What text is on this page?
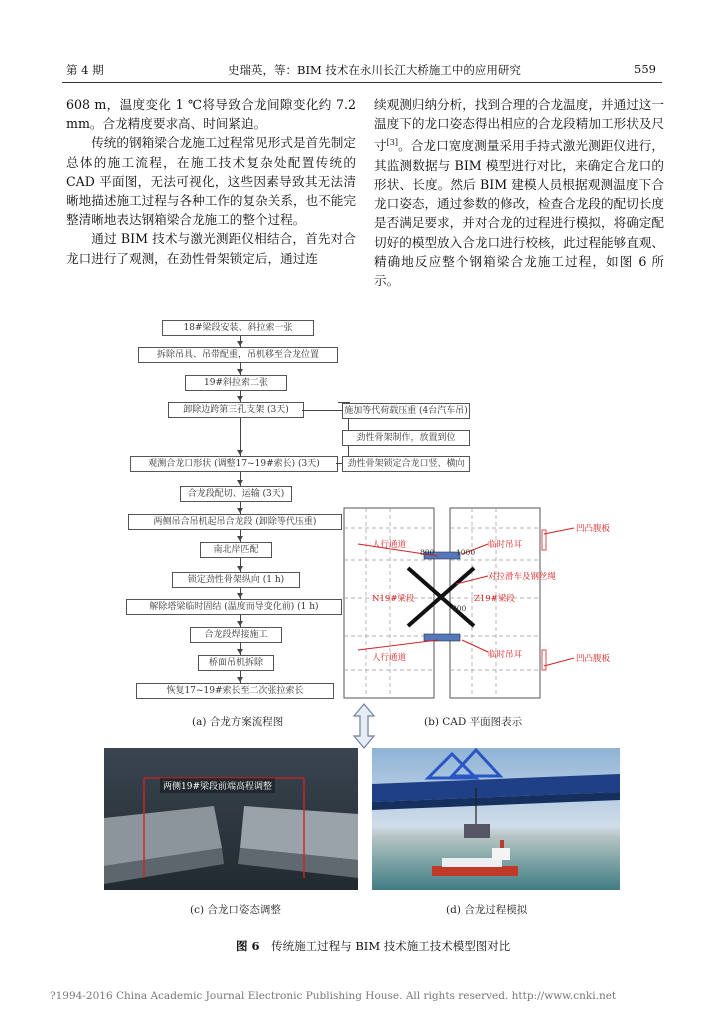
第 4 期	史瑞英，等：BIM 技术在永川长江大桥施工中的应用研究	559

608 m，温度变化 1 ℃将导致合龙间隙变化约 7.2 mm。合龙精度要求高、时间紧迫。

传统的钢箱梁合龙施工过程常见形式是首先制定总体的施工流程，在施工技术复杂处配置传统的 CAD 平面图，无法可视化，这些因素导致其无法清晰地描述施工过程与各种工作的复杂关系，也不能完整清晰地表达钢箱梁合龙施工的整个过程。

通过 BIM 技术与激光测距仪相结合，首先对合龙口进行了观测，在劲性骨架锁定后，通过连

续观测归纳分析，找到合理的合龙温度，并通过这一温度下的龙口姿态得出相应的合龙段精加工形状及尺寸[3]。合龙口宽度测量采用手持式激光测距仪进行，其监测数据与 BIM 模型进行对比，来确定合龙口的形状、长度。然后 BIM 建模人员根据观测温度下合龙口姿态，通过参数的修改，检查合龙段的配切长度是否满足要求，并对合龙的过程进行模拟，将确定配切好的模型放入合龙口进行校核，此过程能够直观、精确地反应整个钢箱梁合龙施工过程，如图 6 所示。

18#梁段安装、斜拉索一张
拆除吊具、吊带配重，吊机移至合龙位置
19#斜拉索二张
卸除边跨第三孔支架 (3天)	施加等代荷载压重 (4台汽车吊)
劲性骨架制作，放置到位
观测合龙口形状 (调整17~19#索长) (3天)	劲性骨架锁定合龙口竖、横向
合龙段配切、运输 (3天)
两侧吊合吊机起吊合龙段 (卸除等代压重)
南北岸匹配
锁定劲性骨架纵向 (1 h)
解除塔梁临时固结 (温度而导变化前) (1 h)
合龙段焊接施工
桥面吊机拆除
恢复17~19#索长至二次张拉索长
人行通道	临时吊耳
对拉滑车及钢丝绳
Z19#梁段
N19#梁段
人行通道	临时吊耳
凹凸腹板
凹凸腹板
800	1000
800
(a) 合龙方案流程图	(b) CAD 平面图表示
两侧19#梁段前端高程调整
(c) 合龙口姿态调整	(d) 合龙过程模拟
图 6 传统施工过程与 BIM 技术施工技术模型图对比
?1994-2016 China Academic Journal Electronic Publishing House. All rights reserved. http://www.cnki.net
